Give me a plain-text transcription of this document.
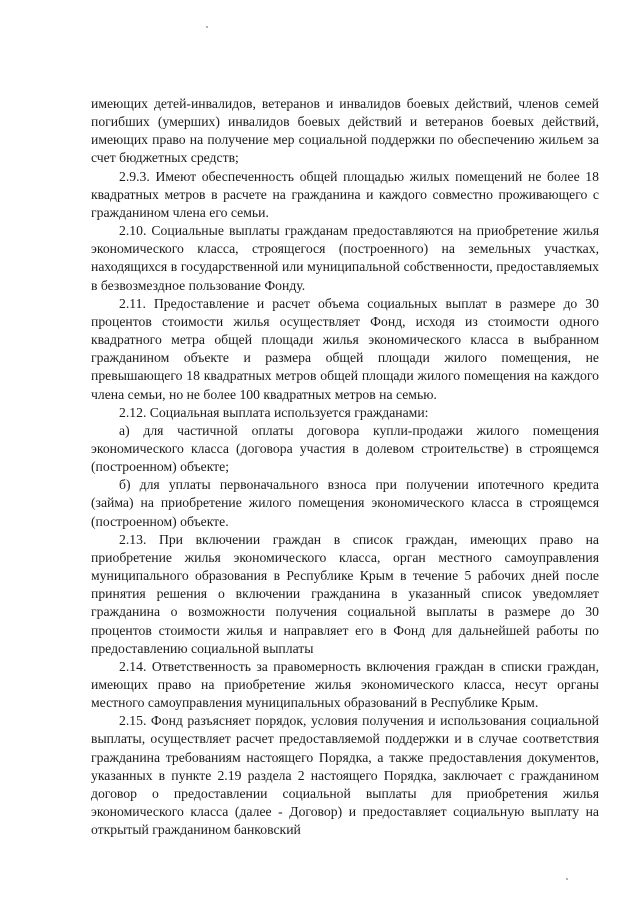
имеющих детей-инвалидов, ветеранов и инвалидов боевых действий, членов семей погибших (умерших) инвалидов боевых действий и ветеранов боевых действий, имеющих право на получение мер социальной поддержки по обеспечению жильем за счет бюджетных средств;

2.9.3. Имеют обеспеченность общей площадью жилых помещений не более 18 квадратных метров в расчете на гражданина и каждого совместно проживающего с гражданином члена его семьи.

2.10. Социальные выплаты гражданам предоставляются на приобретение жилья экономического класса, строящегося (построенного) на земельных участках, находящихся в государственной или муниципальной собственности, предоставляемых в безвозмездное пользование Фонду.

2.11. Предоставление и расчет объема социальных выплат в размере до 30 процентов стоимости жилья осуществляет Фонд, исходя из стоимости одного квадратного метра общей площади жилья экономического класса в выбранном гражданином объекте и размера общей площади жилого помещения, не превышающего 18 квадратных метров общей площади жилого помещения на каждого члена семьи, но не более 100 квадратных метров на семью.

2.12. Социальная выплата используется гражданами:

а) для частичной оплаты договора купли-продажи жилого помещения экономического класса (договора участия в долевом строительстве) в строящемся (построенном) объекте;

б) для уплаты первоначального взноса при получении ипотечного кредита (займа) на приобретение жилого помещения экономического класса в строящемся (построенном) объекте.

2.13. При включении граждан в список граждан, имеющих право на приобретение жилья экономического класса, орган местного самоуправления муниципального образования в Республике Крым в течение 5 рабочих дней после принятия решения о включении гражданина в указанный список уведомляет гражданина о возможности получения социальной выплаты в размере до 30 процентов стоимости жилья и направляет его в Фонд для дальнейшей работы по предоставлению социальной выплаты

2.14. Ответственность за правомерность включения граждан в списки граждан, имеющих право на приобретение жилья экономического класса, несут органы местного самоуправления муниципальных образований в Республике Крым.

2.15. Фонд разъясняет порядок, условия получения и использования социальной выплаты, осуществляет расчет предоставляемой поддержки и в случае соответствия гражданина требованиям настоящего Порядка, а также предоставления документов, указанных в пункте 2.19 раздела 2 настоящего Порядка, заключает с гражданином договор о предоставлении социальной выплаты для приобретения жилья экономического класса (далее - Договор) и предоставляет социальную выплату на открытый гражданином банковский
